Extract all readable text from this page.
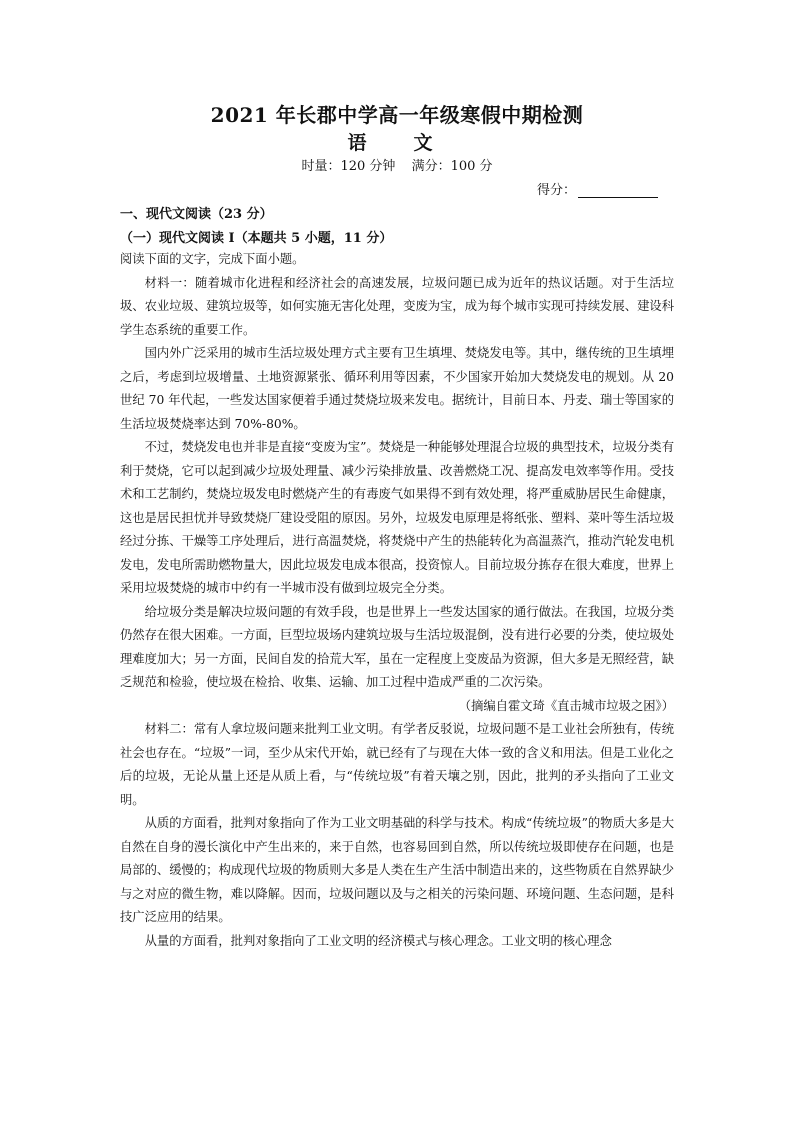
2021 年长郡中学高一年级寒假中期检测
语　文
时量：120 分钟 满分：100 分
得分：
一、现代文阅读（23 分）
（一）现代文阅读 I（本题共 5 小题，11 分）

阅读下面的文字，完成下面小题。

材料一：随着城市化进程和经济社会的高速发展，垃圾问题已成为近年的热议话题。对于生活垃圾、农业垃圾、建筑垃圾等，如何实施无害化处理，变废为宝，成为每个城市实现可持续发展、建设科学生态系统的重要工作。

国内外广泛采用的城市生活垃圾处理方式主要有卫生填埋、焚烧发电等。其中，继传统的卫生填埋之后，考虑到垃圾增量、土地资源紧张、循环利用等因素，不少国家开始加大焚烧发电的规划。从 20 世纪 70 年代起，一些发达国家便着手通过焚烧垃圾来发电。据统计，目前日本、丹麦、瑞士等国家的生活垃圾焚烧率达到 70%-80%。

不过，焚烧发电也并非是直接“变废为宝”。焚烧是一种能够处理混合垃圾的典型技术，垃圾分类有利于焚烧，它可以起到减少垃圾处理量、减少污染排放量、改善燃烧工况、提高发电效率等作用。受技术和工艺制约，焚烧垃圾发电时燃烧产生的有毒废气如果得不到有效处理，将严重威胁居民生命健康，这也是居民担忧并导致焚烧厂建设受阻的原因。另外，垃圾发电原理是将纸张、塑料、菜叶等生活垃圾经过分拣、干燥等工序处理后，进行高温焚烧，将焚烧中产生的热能转化为高温蒸汽，推动汽轮发电机发电，发电所需助燃物量大，因此垃圾发电成本很高，投资惊人。目前垃圾分拣存在很大难度，世界上采用垃圾焚烧的城市中约有一半城市没有做到垃圾完全分类。

给垃圾分类是解决垃圾问题的有效手段，也是世界上一些发达国家的通行做法。在我国，垃圾分类仍然存在很大困难。一方面，巨型垃圾场内建筑垃圾与生活垃圾混倒，没有进行必要的分类，使垃圾处理难度加大；另一方面，民间自发的拾荒大军，虽在一定程度上变废品为资源，但大多是无照经营，缺乏规范和检验，使垃圾在检拾、收集、运输、加工过程中造成严重的二次污染。

（摘编自霍文琦《直击城市垃圾之困》）

材料二：常有人拿垃圾问题来批判工业文明。有学者反驳说，垃圾问题不是工业社会所独有，传统社会也存在。“垃圾”一词，至少从宋代开始，就已经有了与现在大体一致的含义和用法。但是工业化之后的垃圾，无论从量上还是从质上看，与“传统垃圾”有着天壤之别，因此，批判的矛头指向了工业文明。

从质的方面看，批判对象指向了作为工业文明基础的科学与技术。构成“传统垃圾”的物质大多是大自然在自身的漫长演化中产生出来的，来于自然，也容易回到自然，所以传统垃圾即使存在问题，也是局部的、缓慢的；构成现代垃圾的物质则大多是人类在生产生活中制造出来的，这些物质在自然界缺少与之对应的微生物，难以降解。因而，垃圾问题以及与之相关的污染问题、环境问题、生态问题，是科技广泛应用的结果。

从量的方面看，批判对象指向了工业文明的经济模式与核心理念。工业文明的核心理念
